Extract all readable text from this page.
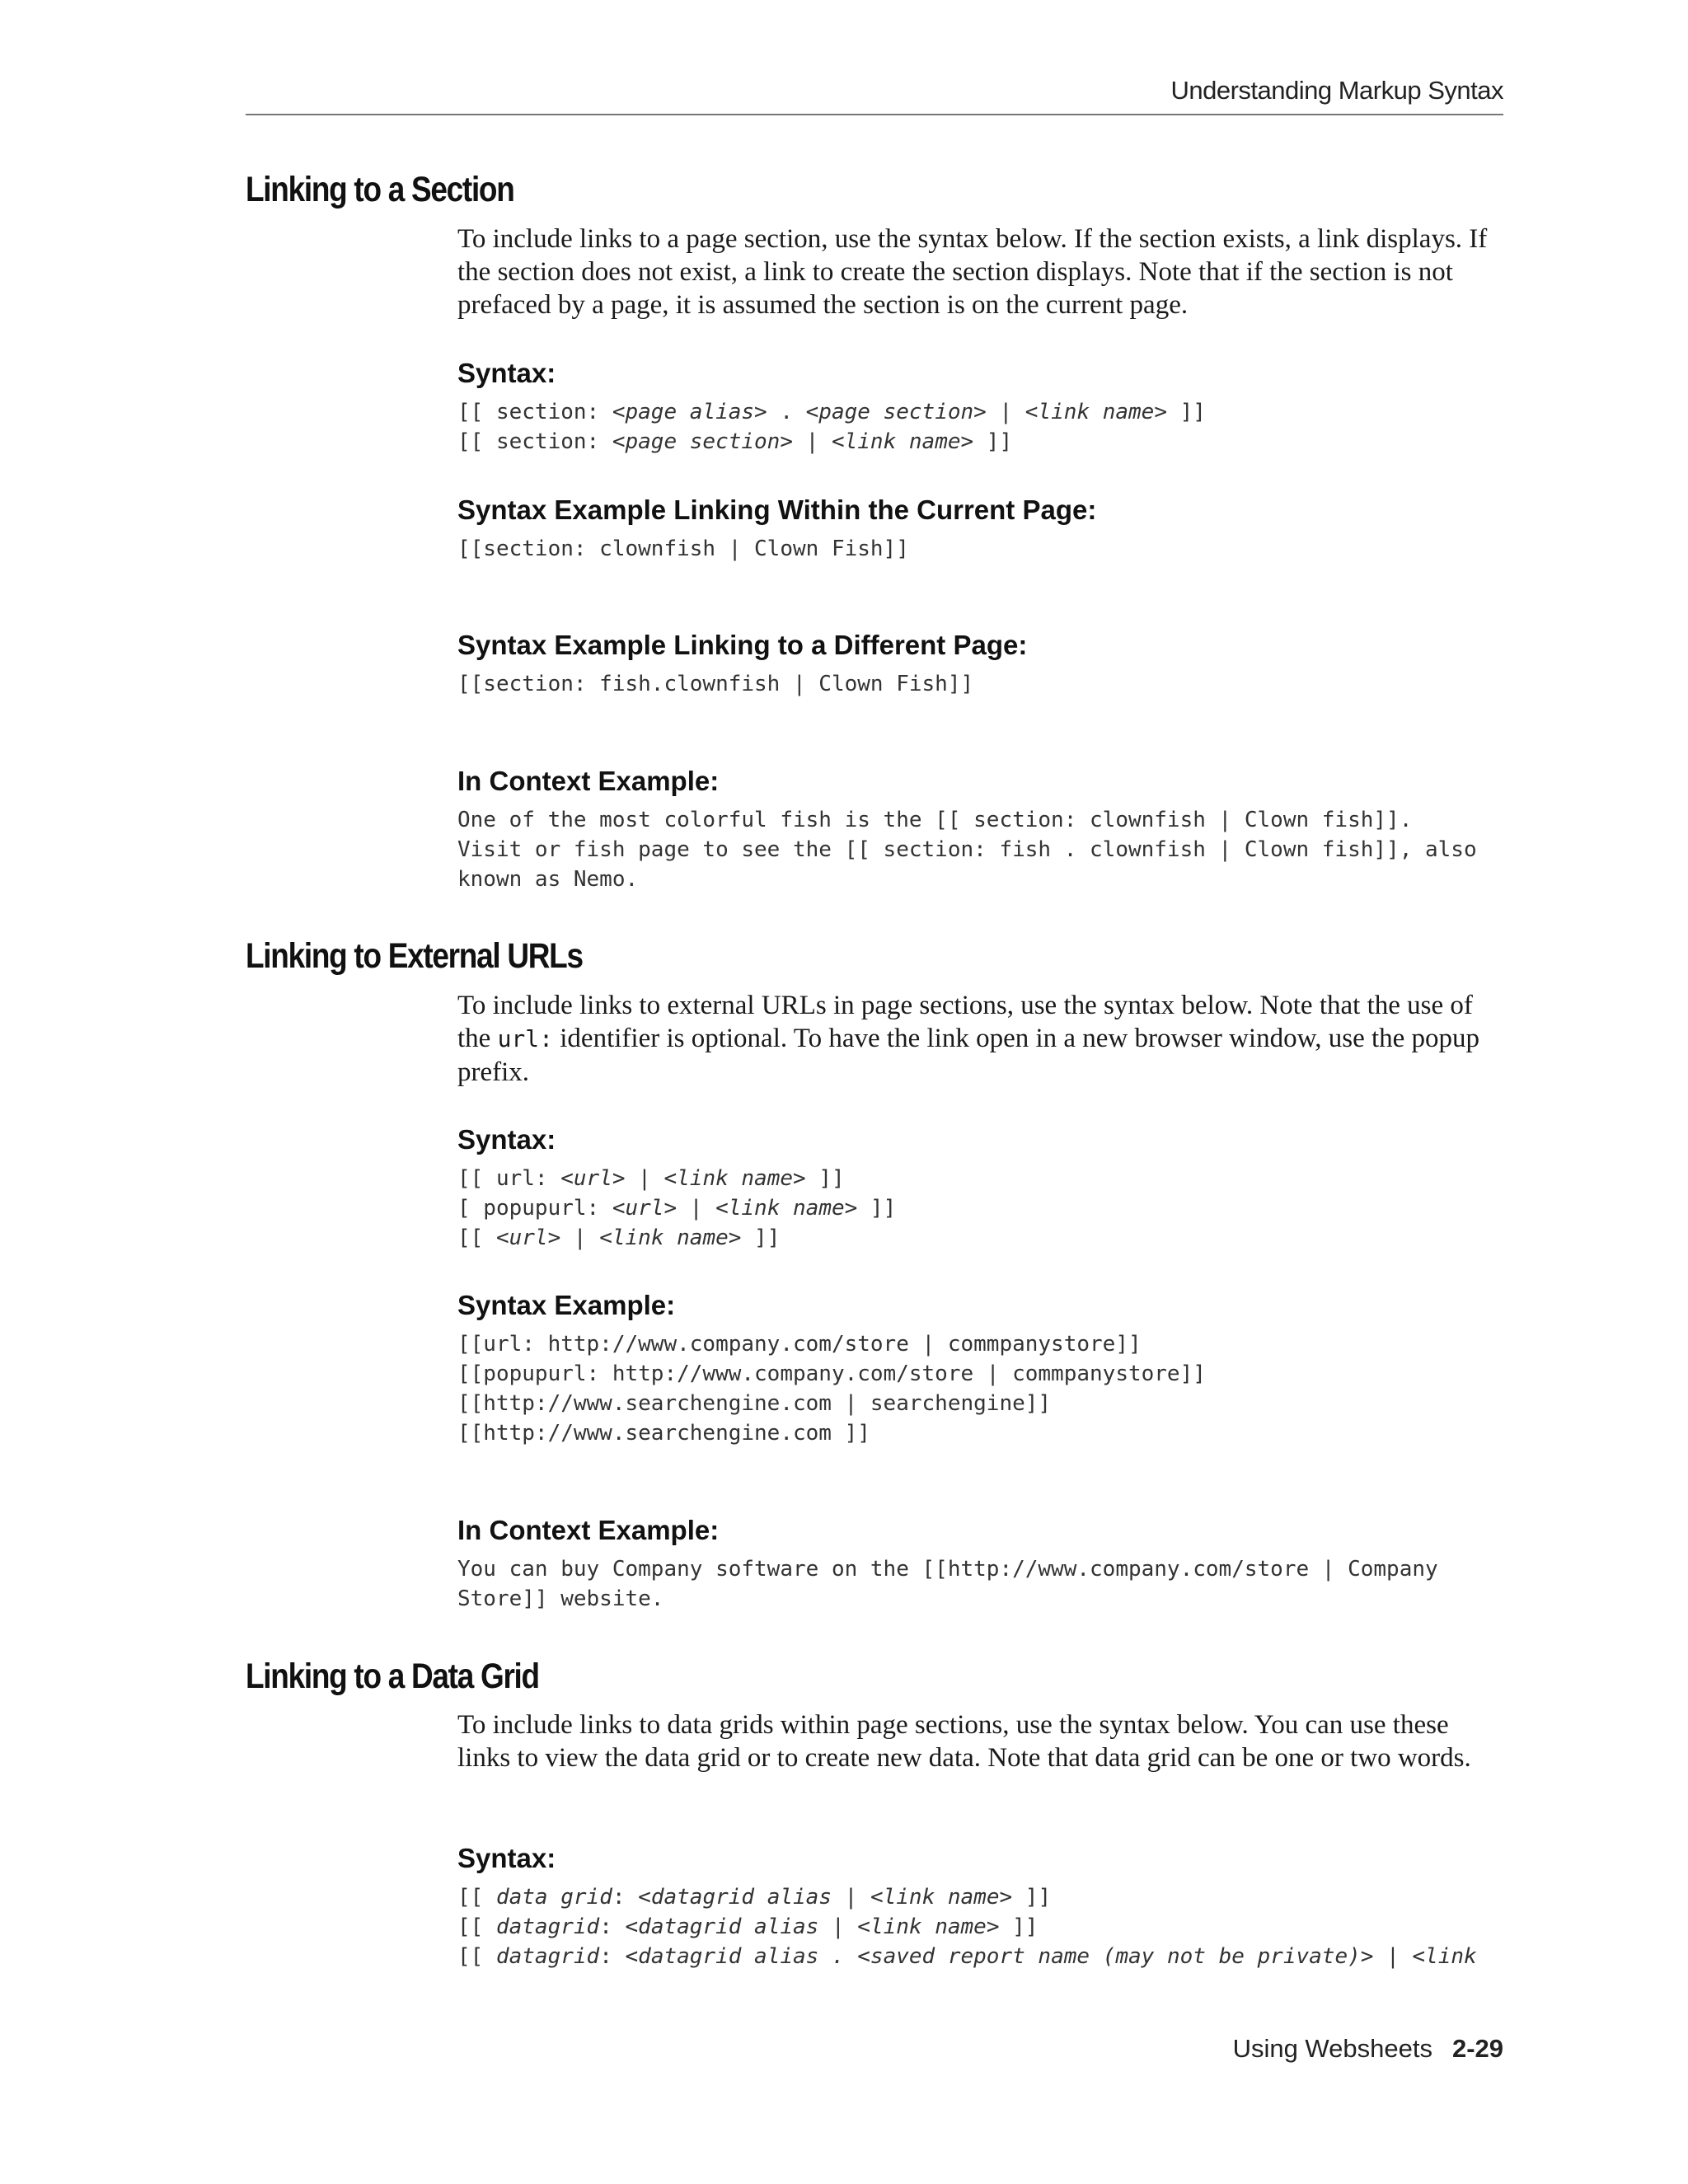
Understanding Markup Syntax
Linking to a Section

To include links to a page section, use the syntax below. If the section exists, a link displays. If the section does not exist, a link to create the section displays. Note that if the section is not prefaced by a page, it is assumed the section is on the current page.

Syntax:
[[ section: <page alias> . <page section> | <link name> ]]
[[ section: <page section> | <link name> ]]
Syntax Example Linking Within the Current Page:
[[section: clownfish | Clown Fish]]
Syntax Example Linking to a Different Page:
[[section: fish.clownfish | Clown Fish]]
In Context Example:
One of the most colorful fish is the [[ section: clownfish | Clown fish]].
Visit or fish page to see the [[ section: fish . clownfish | Clown fish]], also
known as Nemo.
Linking to External URLs

To include links to external URLs in page sections, use the syntax below. Note that the use of the url: identifier is optional. To have the link open in a new browser window, use the popup prefix.

Syntax:
[[ url: <url> | <link name> ]]
[ popupurl: <url> | <link name> ]]
[[ <url> | <link name> ]]
Syntax Example:
[[url: http://www.company.com/store | commpanystore]]
[[popupurl: http://www.company.com/store | commpanystore]]
[[http://www.searchengine.com | searchengine]]
[[http://www.searchengine.com ]]
In Context Example:
You can buy Company software on the [[http://www.company.com/store | Company
Store]] website.
Linking to a Data Grid

To include links to data grids within page sections, use the syntax below. You can use these links to view the data grid or to create new data. Note that data grid can be one or two words.

Syntax:
[[ data grid: <datagrid alias | <link name> ]]
[[ datagrid: <datagrid alias | <link name> ]]
[[ datagrid: <datagrid alias . <saved report name (may not be private)> | <link
Using Websheets 2-29
